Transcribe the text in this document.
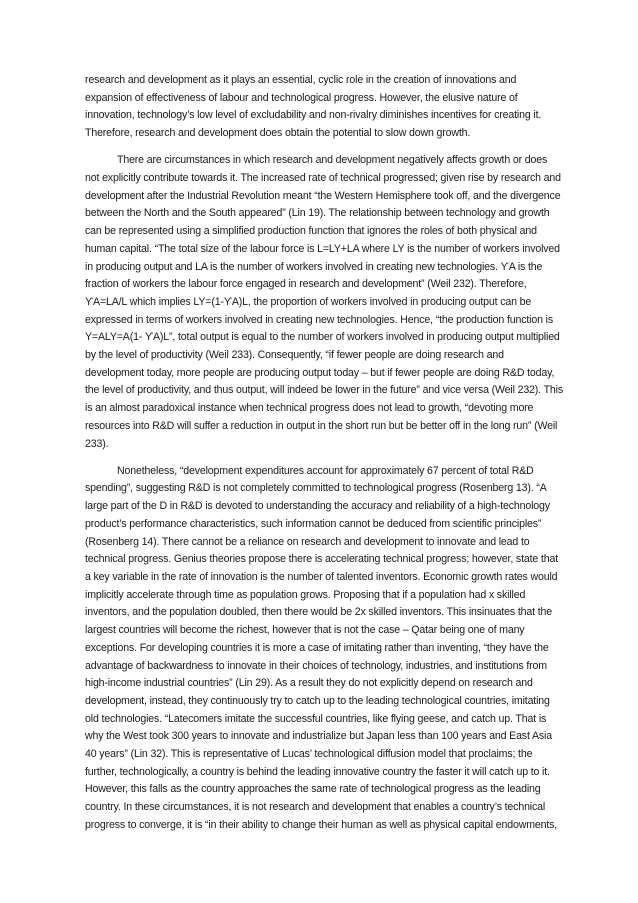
research and development as it plays an essential, cyclic role in the creation of innovations and expansion of effectiveness of labour and technological progress. However, the elusive nature of innovation, technology’s low level of excludability and non-rivalry diminishes incentives for creating it. Therefore, research and development does obtain the potential to slow down growth.

There are circumstances in which research and development negatively affects growth or does not explicitly contribute towards it. The increased rate of technical progressed; given rise by research and development after the Industrial Revolution meant “the Western Hemisphere took off, and the divergence between the North and the South appeared” (Lin 19). The relationship between technology and growth can be represented using a simplified production function that ignores the roles of both physical and human capital. “The total size of the labour force is L=LY+LA where LY is the number of workers involved in producing output and LA is the number of workers involved in creating new technologies. ϒA is the fraction of workers the labour force engaged in research and development” (Weil 232). Therefore, ϒA=LA/L which implies LY=(1-ϒA)L, the proportion of workers involved in producing output can be expressed in terms of workers involved in creating new technologies. Hence, “the production function is Y=ALY=A(1- ϒA)L”, total output is equal to the number of workers involved in producing output multiplied by the level of productivity (Weil 233). Consequently, “if fewer people are doing research and development today, more people are producing output today – but if fewer people are doing R&D today, the level of productivity, and thus output, will indeed be lower in the future” and vice versa (Weil 232). This is an almost paradoxical instance when technical progress does not lead to growth, “devoting more resources into R&D will suffer a reduction in output in the short run but be better off in the long run” (Weil 233).

Nonetheless, “development expenditures account for approximately 67 percent of total R&D spending”, suggesting R&D is not completely committed to technological progress (Rosenberg 13). “A large part of the D in R&D is devoted to understanding the accuracy and reliability of a high-technology product’s performance characteristics, such information cannot be deduced from scientific principles” (Rosenberg 14). There cannot be a reliance on research and development to innovate and lead to technical progress. Genius theories propose there is accelerating technical progress; however, state that a key variable in the rate of innovation is the number of talented inventors. Economic growth rates would implicitly accelerate through time as population grows. Proposing that if a population had x skilled inventors, and the population doubled, then there would be 2x skilled inventors. This insinuates that the largest countries will become the richest, however that is not the case – Qatar being one of many exceptions. For developing countries it is more a case of imitating rather than inventing, “they have the advantage of backwardness to innovate in their choices of technology, industries, and institutions from high-income industrial countries” (Lin 29). As a result they do not explicitly depend on research and development, instead, they continuously try to catch up to the leading technological countries, imitating old technologies. “Latecomers imitate the successful countries, like flying geese, and catch up. That is why the West took 300 years to innovate and industrialize but Japan less than 100 years and East Asia 40 years” (Lin 32). This is representative of Lucas’ technological diffusion model that proclaims; the further, technologically, a country is behind the leading innovative country the faster it will catch up to it. However, this falls as the country approaches the same rate of technological progress as the leading country. In these circumstances, it is not research and development that enables a country’s technical progress to converge, it is “in their ability to change their human as well as physical capital endowments,
